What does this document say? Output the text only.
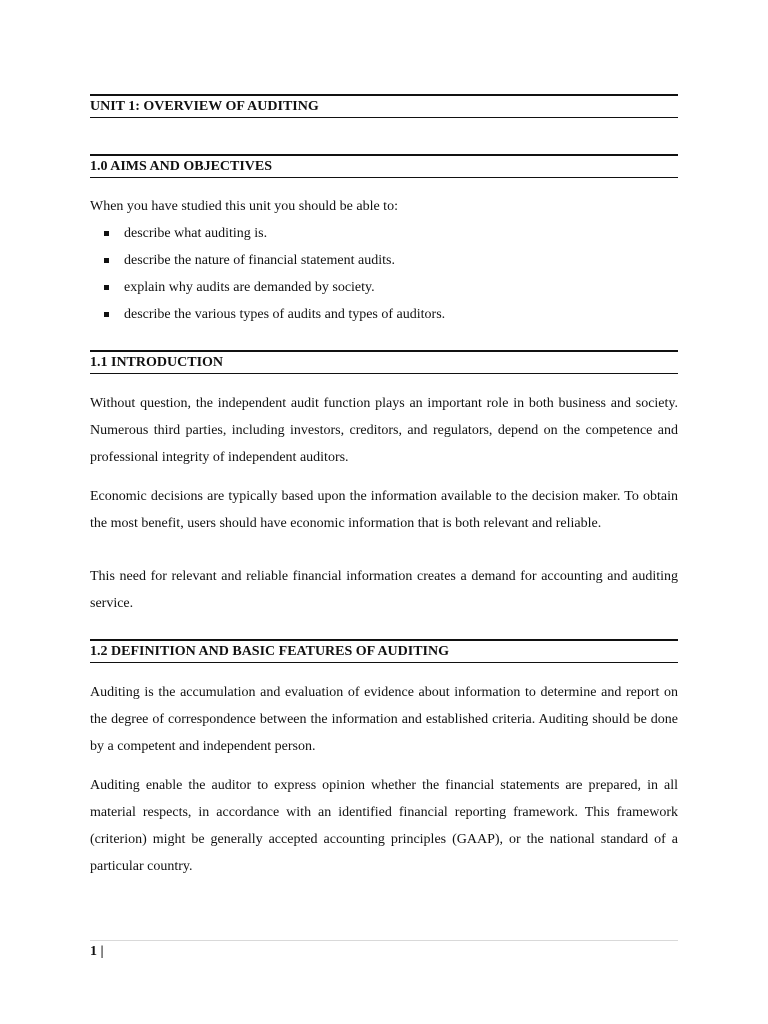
UNIT 1: OVERVIEW OF AUDITING
1.0 AIMS AND OBJECTIVES

When you have studied this unit you should be able to:

describe what auditing is.
describe the nature of financial statement audits.
explain why audits are demanded by society.
describe the various types of audits and types of auditors.
1.1 INTRODUCTION

Without question, the independent audit function plays an important role in both business and society. Numerous third parties, including investors, creditors, and regulators, depend on the competence and professional integrity of independent auditors.

Economic decisions are typically based upon the information available to the decision maker. To obtain the most benefit, users should have economic information that is both relevant and reliable.

This need for relevant and reliable financial information creates a demand for accounting and auditing service.

1.2 DEFINITION AND BASIC FEATURES OF AUDITING

Auditing is the accumulation and evaluation of evidence about information to determine and report on the degree of correspondence between the information and established criteria. Auditing should be done by a competent and independent person.

Auditing enable the auditor to express opinion whether the financial statements are prepared, in all material respects, in accordance with an identified financial reporting framework. This framework (criterion) might be generally accepted accounting principles (GAAP), or the national standard of a particular country.

1 |
